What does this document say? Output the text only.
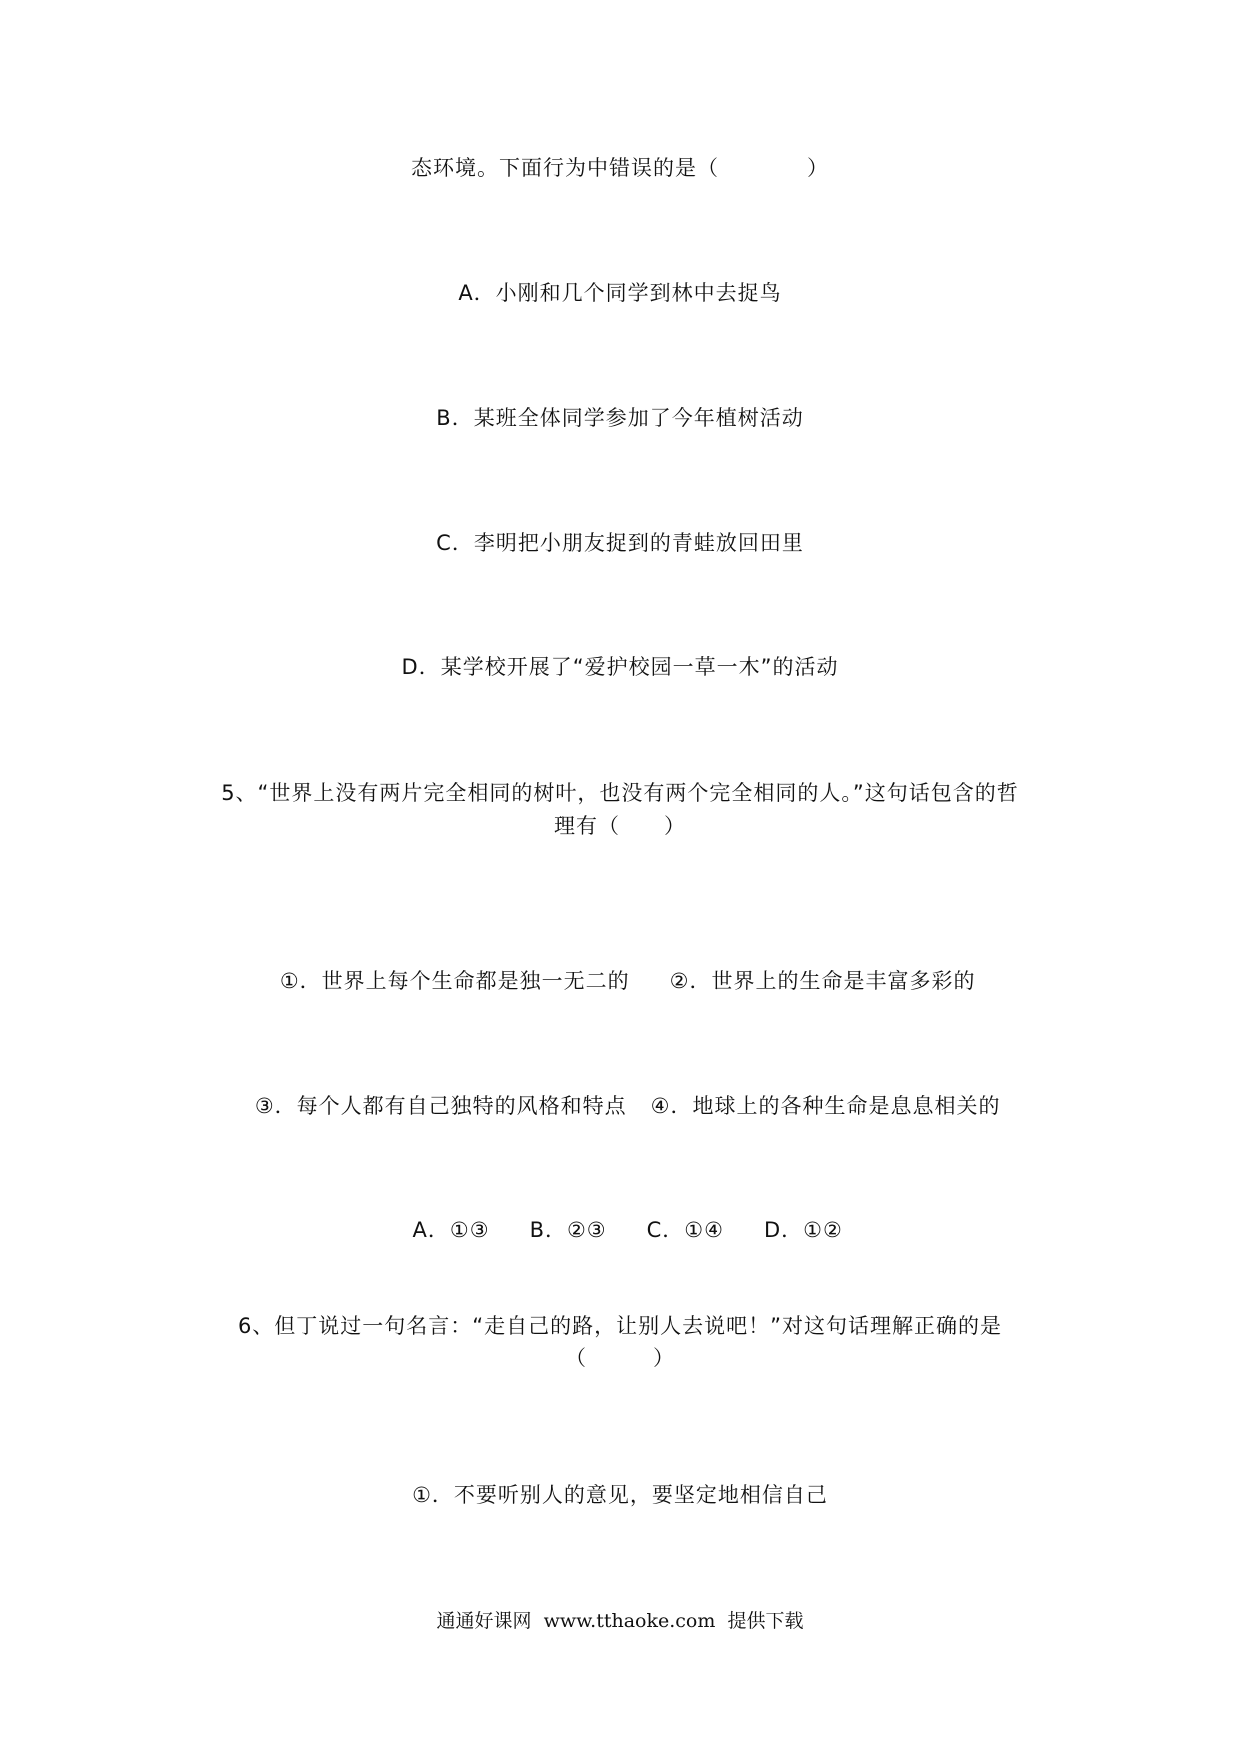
态环境。下面行为中错误的是（　　　　）
A．小刚和几个同学到林中去捉鸟
B．某班全体同学参加了今年植树活动
C．李明把小朋友捉到的青蛙放回田里
D．某学校开展了“爱护校园一草一木”的活动
5、“世界上没有两片完全相同的树叶，也没有两个完全相同的人。”这句话包含的哲
理有（　　）

①．世界上每个生命都是独一无二的 ②．世界上的生命是丰富多彩的

③．每个人都有自己独特的风格和特点 ④．地球上的各种生命是息息相关的

A．①③ B．②③ C．①④ D．①②

6、但丁说过一句名言：“走自己的路，让别人去说吧！”对这句话理解正确的是
（　　　）
①．不要听别人的意见，要坚定地相信自己
通通好课网  www.tthaoke.com  提供下载
